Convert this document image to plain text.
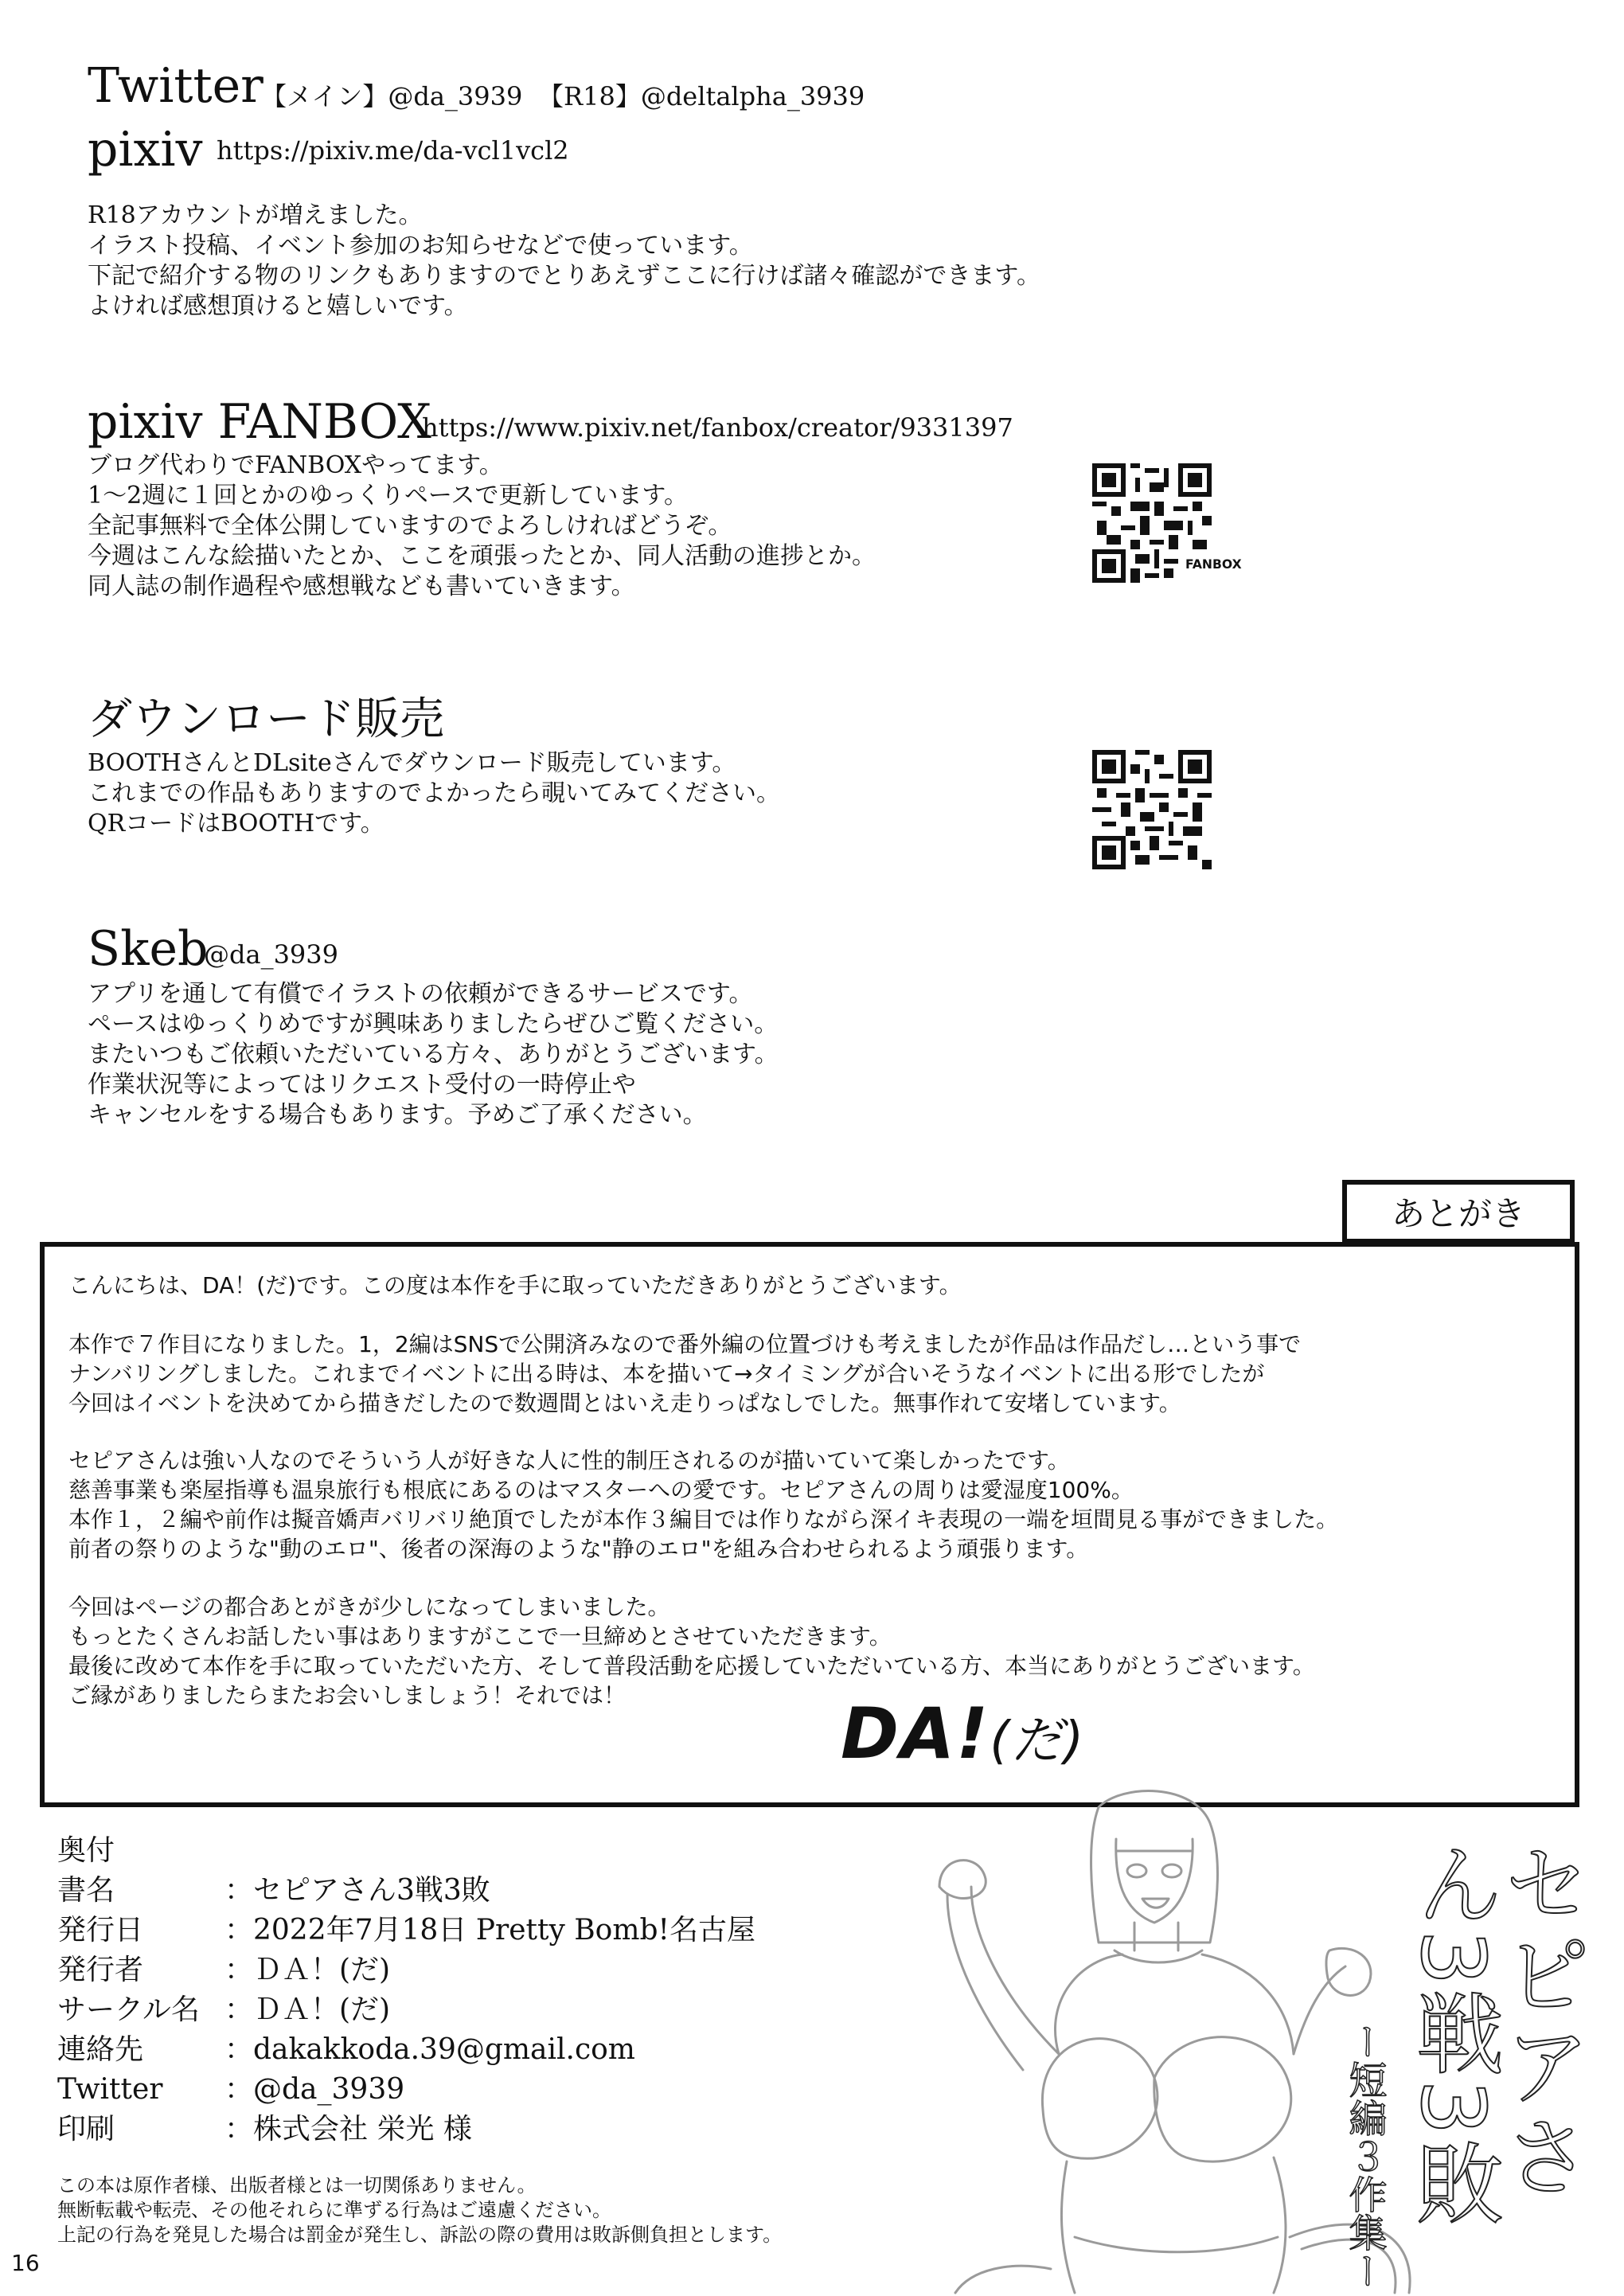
Twitter
【メイン】@da_3939 【R18】@deltalpha_3939
pixiv https://pixiv.me/da-vcl1vcl2
R18アカウントが増えました。
イラスト投稿、イベント参加のお知らせなどで使っています。
下記で紹介する物のリンクもありますのでとりあえずここに行けば諸々確認ができます。
よければ感想頂けると嬉しいです。
pixiv FANBOX
https://www.pixiv.net/fanbox/creator/9331397
ブログ代わりでFANBOXやってます。
1〜2週に１回とかのゆっくりペースで更新しています。
全記事無料で全体公開していますのでよろしければどうぞ。
今週はこんな絵描いたとか、ここを頑張ったとか、同人活動の進捗とか。
同人誌の制作過程や感想戦なども書いていきます。
FANBOX
ダウンロード販売
BOOTHさんとDLsiteさんでダウンロード販売しています。
これまでの作品もありますのでよかったら覗いてみてください。
QRコードはBOOTHです。
Skeb
@da_3939
アプリを通して有償でイラストの依頼ができるサービスです。
ペースはゆっくりめですが興味ありましたらぜひご覧ください。
またいつもご依頼いただいている方々、ありがとうございます。
作業状況等によってはリクエスト受付の一時停止や
キャンセルをする場合もあります。予めご了承ください。
あとがき
こんにちは、DA！(だ)です。この度は本作を手に取っていただきありがとうございます。
本作で７作目になりました。1，2編はSNSで公開済みなので番外編の位置づけも考えましたが作品は作品だし…という事で
ナンバリングしました。これまでイベントに出る時は、本を描いて→タイミングが合いそうなイベントに出る形でしたが
今回はイベントを決めてから描きだしたので数週間とはいえ走りっぱなしでした。無事作れて安堵しています。
セピアさんは強い人なのでそういう人が好きな人に性的制圧されるのが描いていて楽しかったです。
慈善事業も楽屋指導も温泉旅行も根底にあるのはマスターへの愛です。セピアさんの周りは愛湿度100%。
本作１，２編や前作は擬音嬌声バリバリ絶頂でしたが本作３編目では作りながら深イキ表現の一端を垣間見る事ができました。
前者の祭りのような"動のエロ"、後者の深海のような"静のエロ"を組み合わせられるよう頑張ります。
今回はページの都合あとがきが少しになってしまいました。
もっとたくさんお話したい事はありますがここで一旦締めとさせていただきます。
最後に改めて本作を手に取っていただいた方、そして普段活動を応援していただいている方、本当にありがとうございます。
ご縁がありましたらまたお会いしましょう！それでは！	DA!(だ)
セピアさん3戦3敗
ー短編３作集ー
奥付
書名	：セピアさん3戦3敗
発行日	：2022年7月18日 Pretty Bomb!名古屋
発行者	：ＤＡ！(だ)
サークル名 ：ＤＡ！(だ)
連絡先	：dakakkoda.39@gmail.com
Twitter	：@da_3939
印刷	：株式会社 栄光 様
この本は原作者様、出版者様とは一切関係ありません。
無断転載や転売、その他それらに準ずる行為はご遠慮ください。
上記の行為を発見した場合は罰金が発生し、訴訟の際の費用は敗訴側負担とします。
16
